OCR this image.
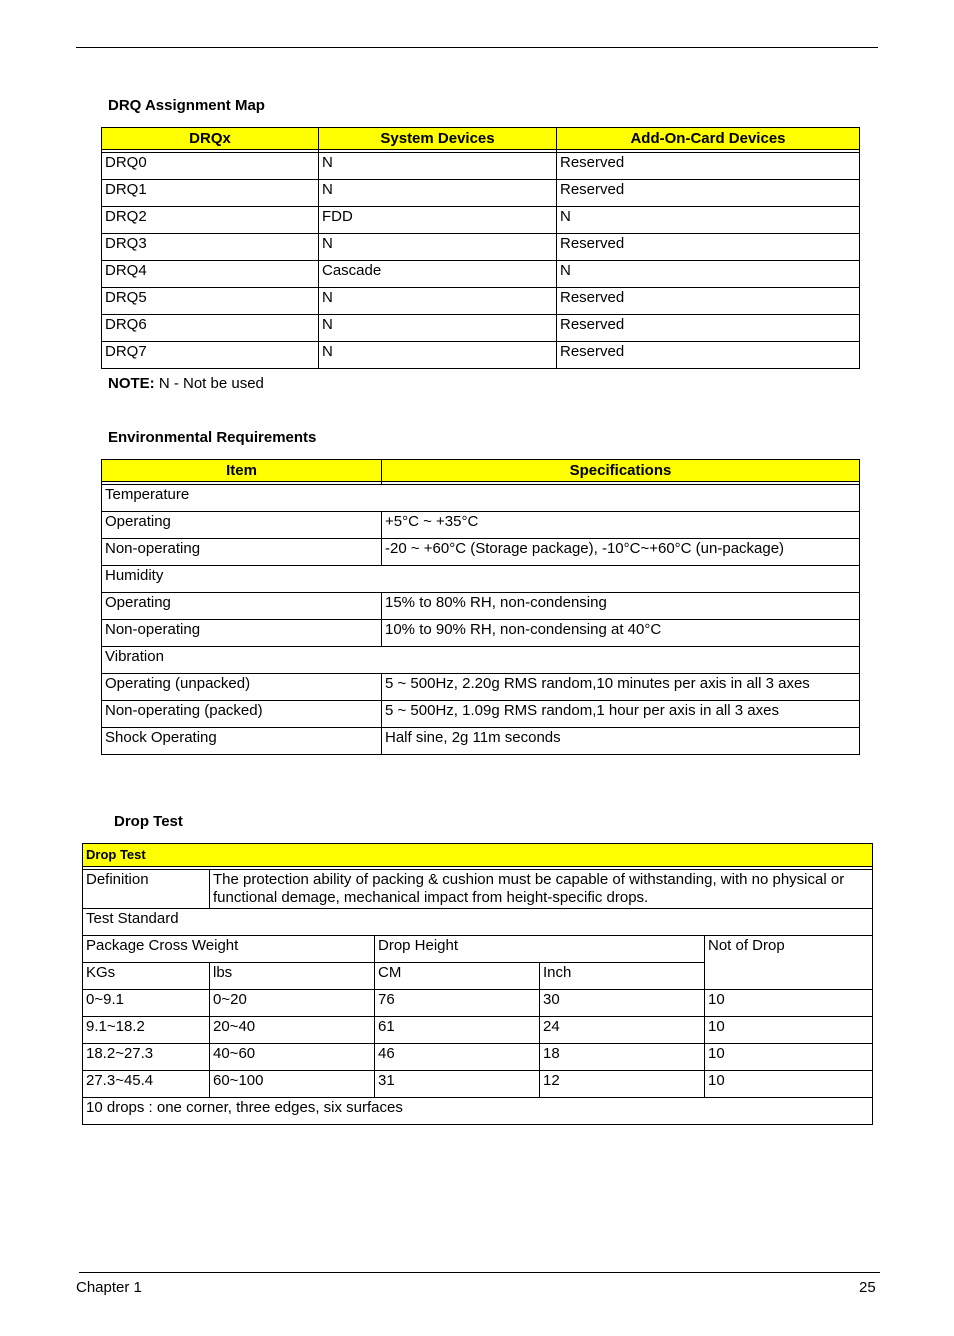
DRQ Assignment Map
DRQx	System Devices	Add-On-Card Devices

DRQ0	N	Reserved
DRQ1	N	Reserved
DRQ2	FDD	N
DRQ3	N	Reserved
DRQ4	Cascade	N
DRQ5	N	Reserved
DRQ6	N	Reserved
DRQ7	N	Reserved
NOTE: N - Not be used
Environmental Requirements
Item	Specifications

Temperature	
Operating	+5°C ~ +35°C
Non-operating	-20 ~ +60°C (Storage package), -10°C~+60°C (un-package)
Humidity	
Operating	15% to 80% RH, non-condensing
Non-operating	10% to 90% RH, non-condensing at 40°C
Vibration	
Operating (unpacked)	5 ~ 500Hz, 2.20g RMS random,10 minutes per axis in all 3 axes
Non-operating (packed)	5 ~ 500Hz, 1.09g RMS random,1 hour per axis in all 3 axes
Shock Operating	Half sine, 2g 11m seconds
Drop Test
Drop Test				

Definition	The protection ability of packing & cushion must be capable of withstanding, with no physical or functional demage, mechanical impact from height-specific drops.			
Test Standard				
Package Cross Weight		Drop Height		Not of Drop
KGs	lbs	CM	Inch	
0~9.1	0~20	76	30	10
9.1~18.2	20~40	61	24	10
18.2~27.3	40~60	46	18	10
27.3~45.4	60~100	31	12	10
10 drops : one corner, three edges, six surfaces				
Chapter 1	25
